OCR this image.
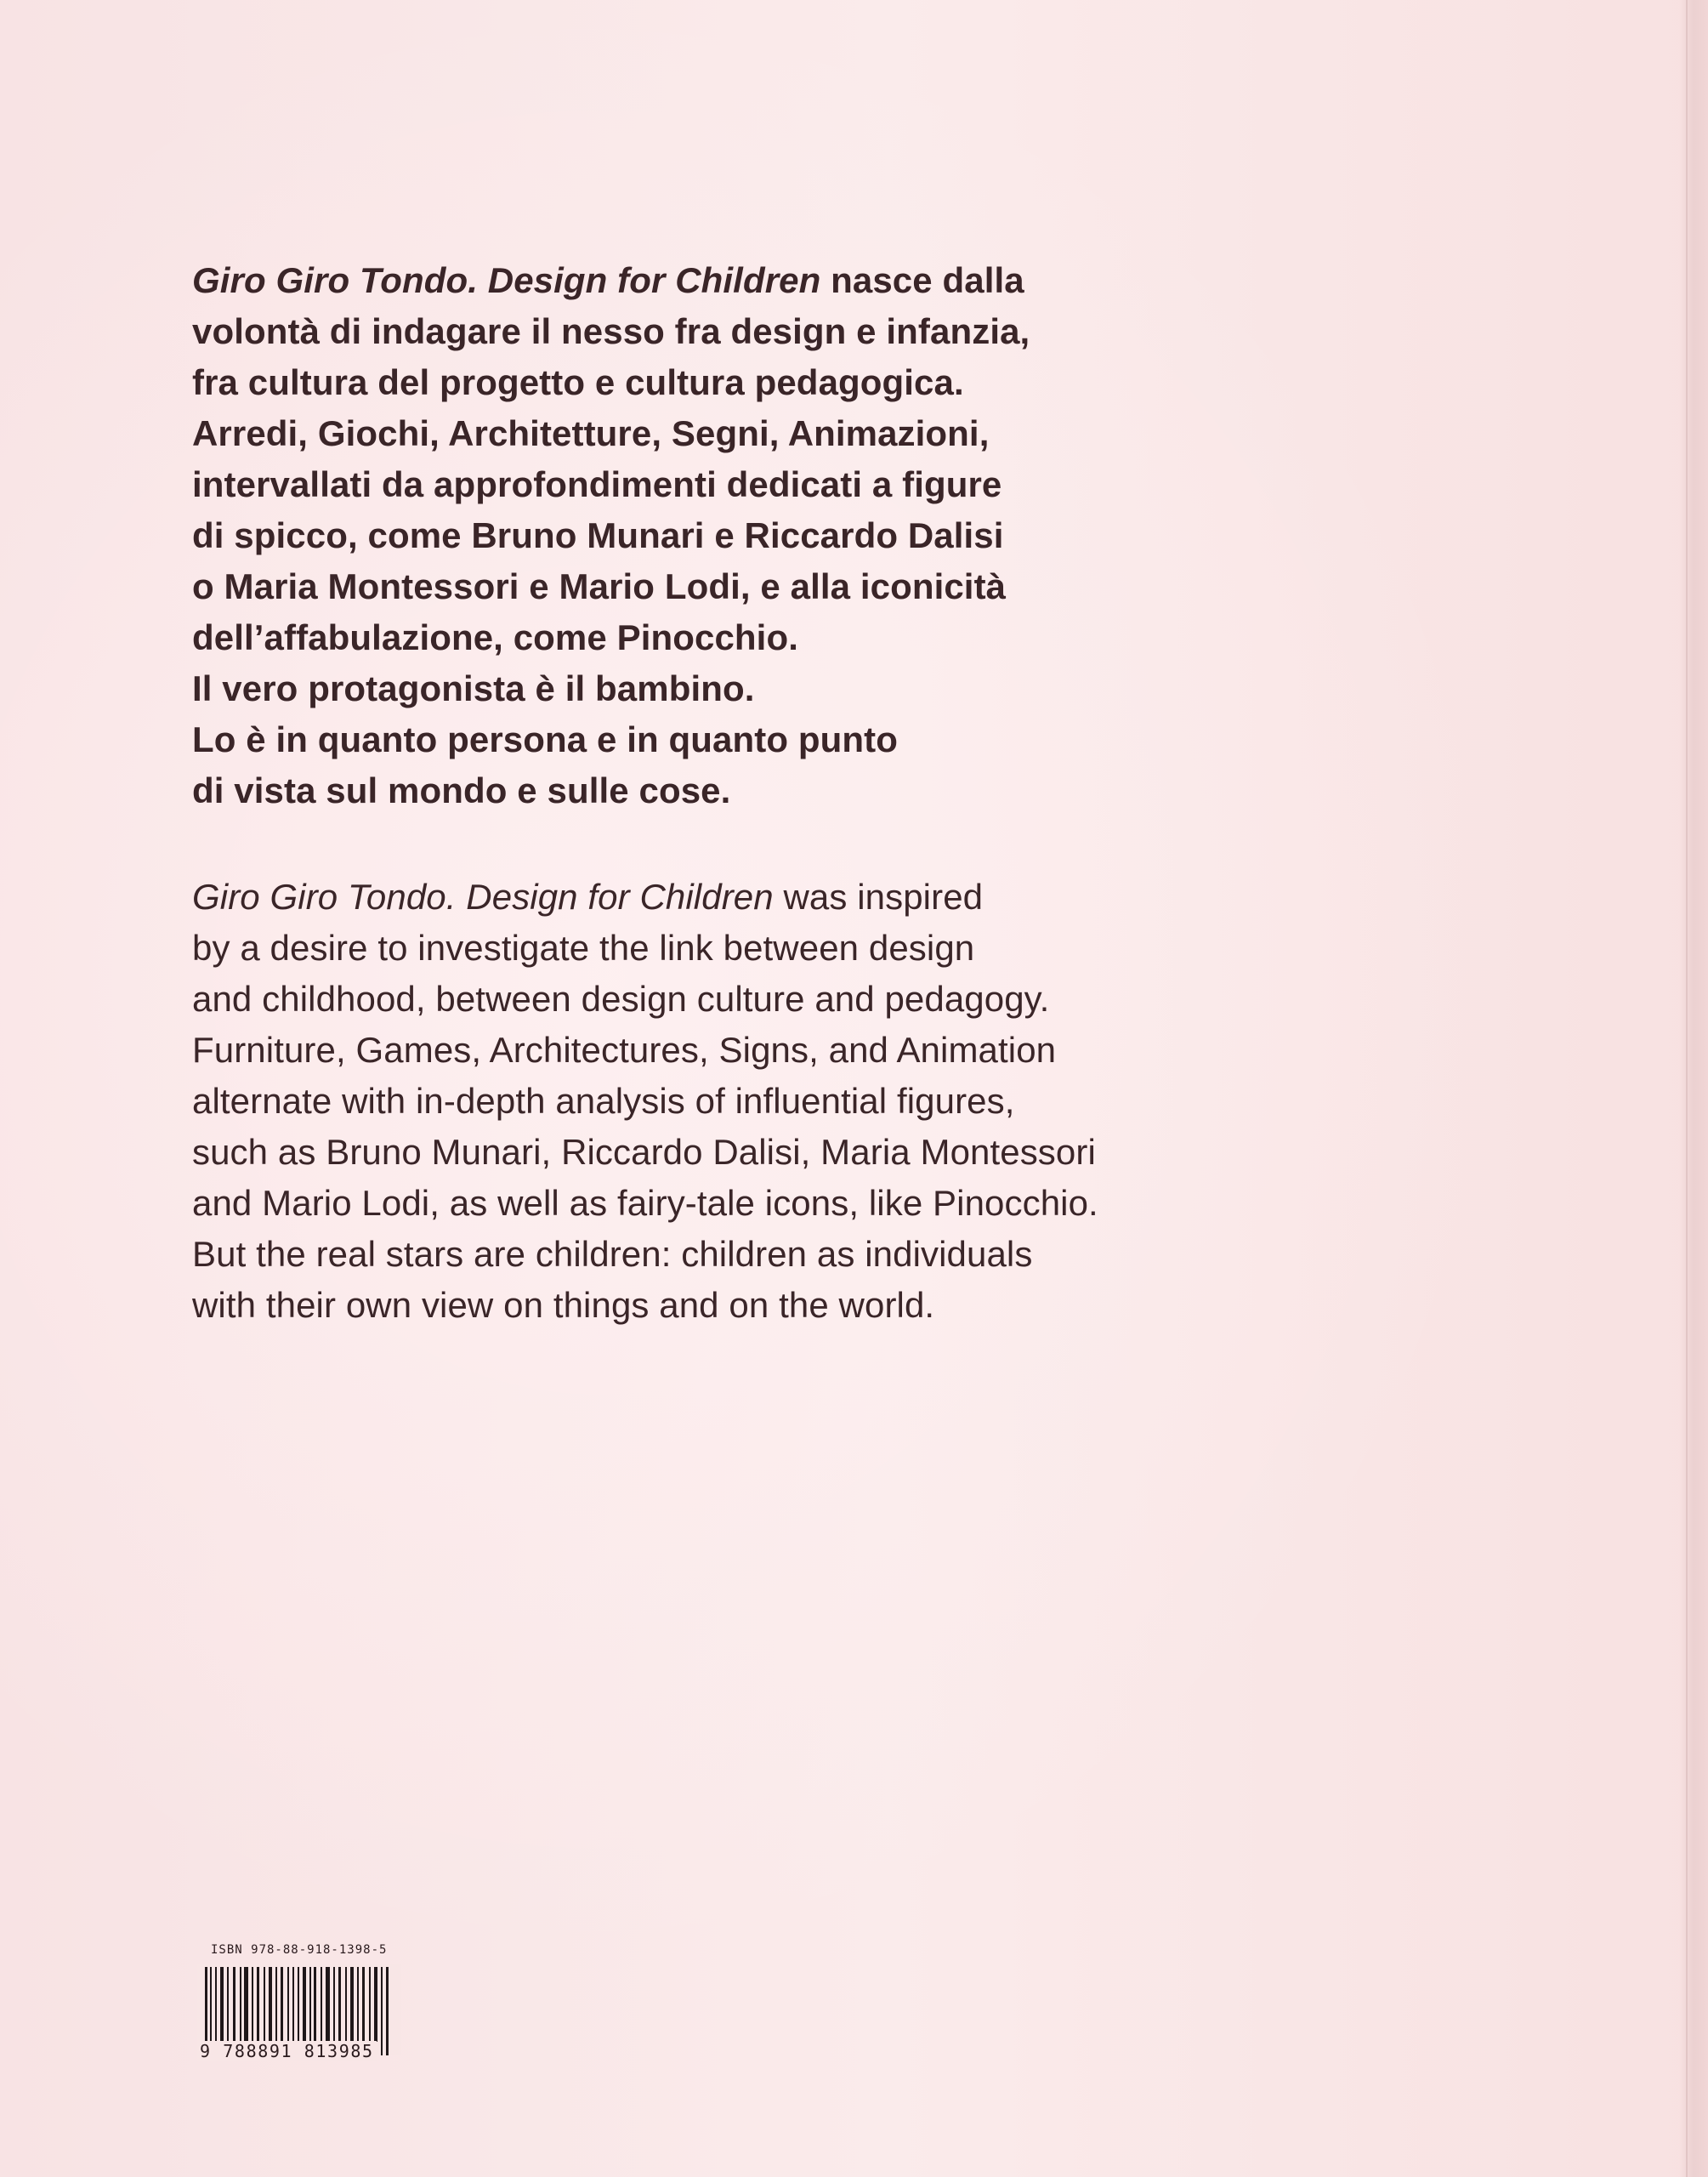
Giro Giro Tondo. Design for Children nasce dalla
volontà di indagare il nesso fra design e infanzia,
fra cultura del progetto e cultura pedagogica.
Arredi, Giochi, Architetture, Segni, Animazioni,
intervallati da approfondimenti dedicati a figure
di spicco, come Bruno Munari e Riccardo Dalisi
o Maria Montessori e Mario Lodi, e alla iconicità
dell’affabulazione, come Pinocchio.
Il vero protagonista è il bambino.
Lo è in quanto persona e in quanto punto
di vista sul mondo e sulle cose.
Giro Giro Tondo. Design for Children was inspired
by a desire to investigate the link between design
and childhood, between design culture and pedagogy.
Furniture, Games, Architectures, Signs, and Animation
alternate with in-depth analysis of influential figures,
such as Bruno Munari, Riccardo Dalisi, Maria Montessori
and Mario Lodi, as well as fairy-tale icons, like Pinocchio.
But the real stars are children: children as individuals
with their own view on things and on the world.
ISBN 978-88-918-1398-5
9 788891 813985
